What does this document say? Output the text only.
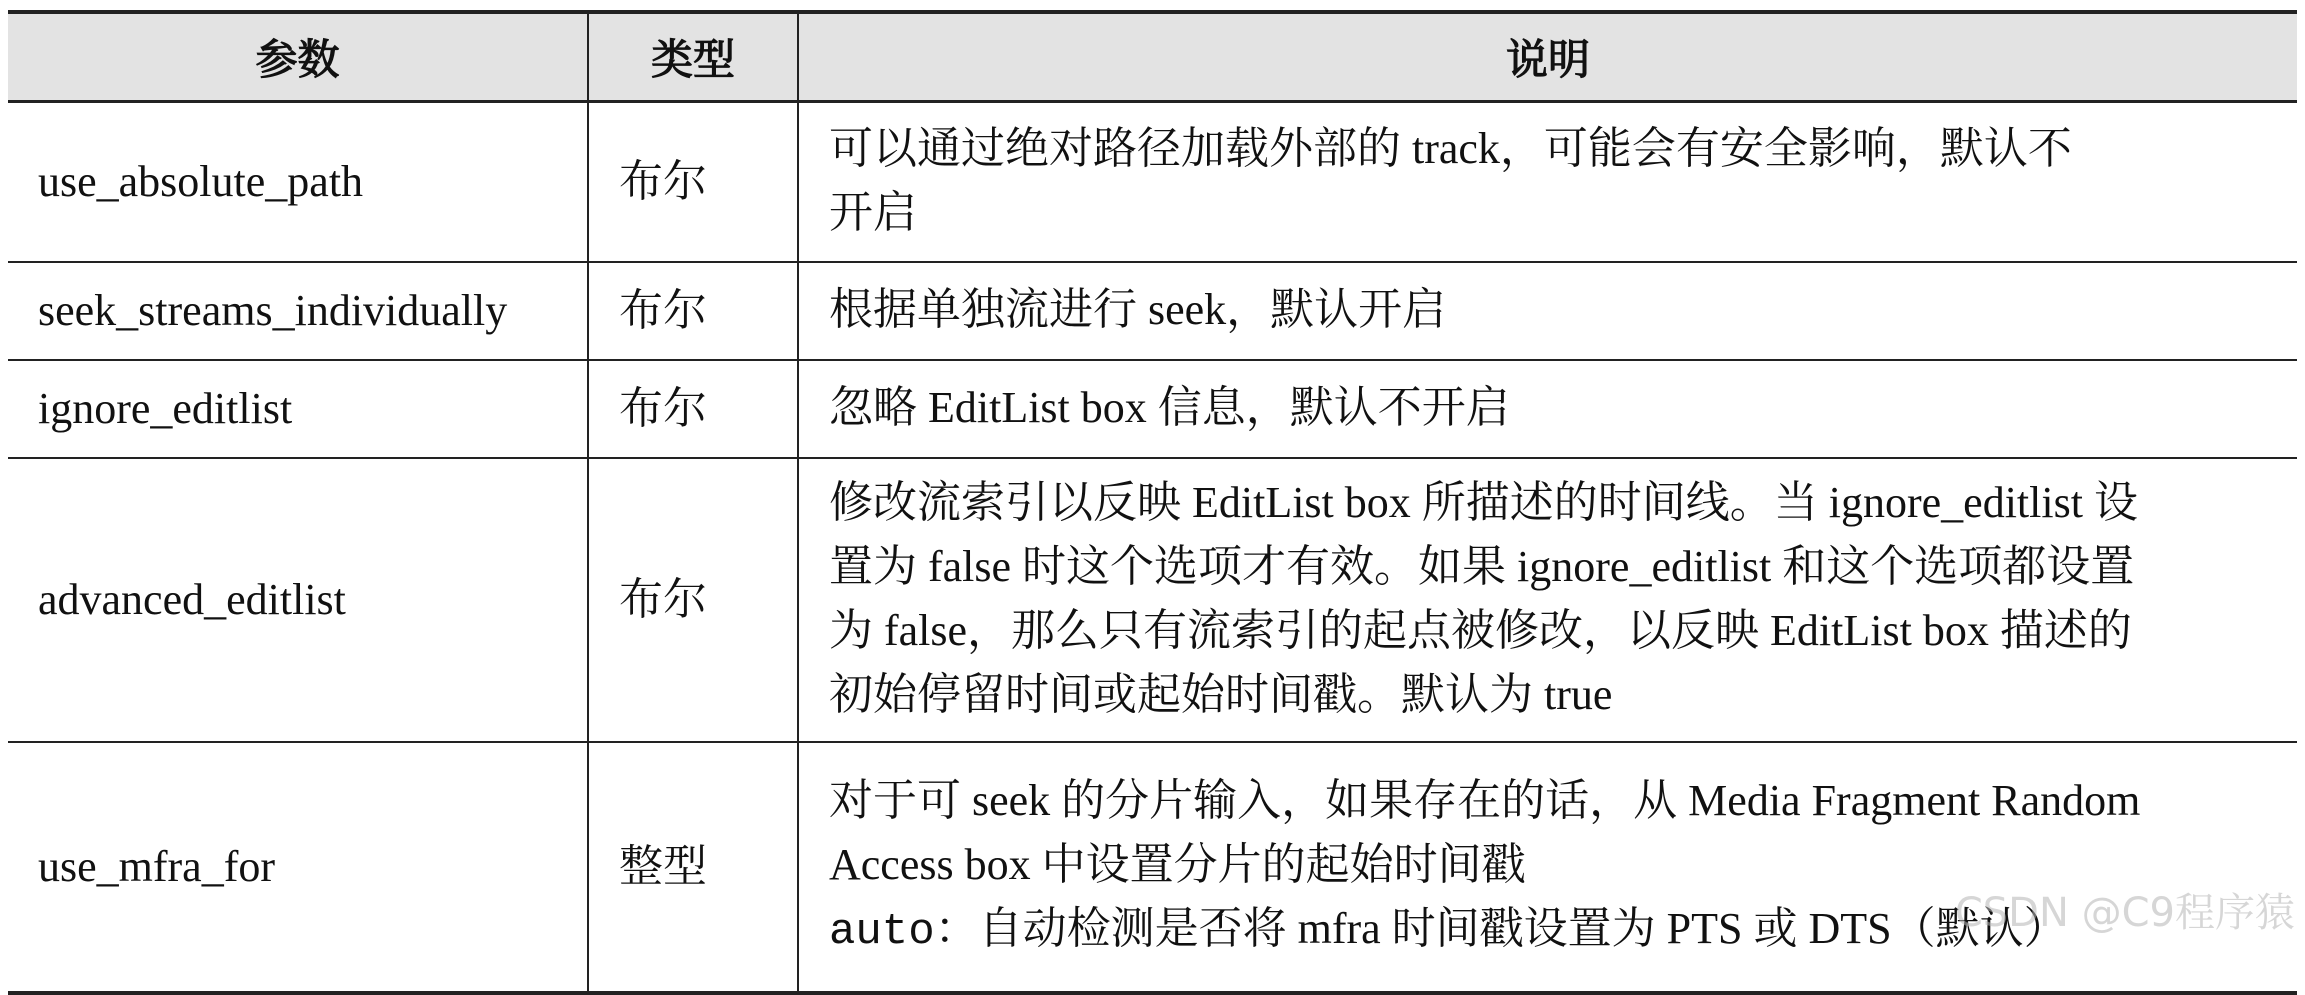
参数	类型	说明
use_absolute_path	布尔	可以通过绝对路径加载外部的 track，可能会有安全影响，默认不
开启

seek_streams_individually	布尔	根据单独流进行 seek，默认开启

ignore_editlist	布尔	忽略 EditList box 信息，默认不开启

advanced_editlist	布尔	修改流索引以反映 EditList box 所描述的时间线。当 ignore_editlist 设
置为 false 时这个选项才有效。如果 ignore_editlist 和这个选项都设置
为 false，那么只有流索引的起点被修改，以反映 EditList box 描述的
初始停留时间或起始时间戳。默认为 true

use_mfra_for	整型	对于可 seek 的分片输入，如果存在的话，从 Media Fragment Random
Access box 中设置分片的起始时间戳
auto：自动检测是否将 mfra 时间戳设置为 PTS 或 DTS（默认）
CSDN @C9程序猿
